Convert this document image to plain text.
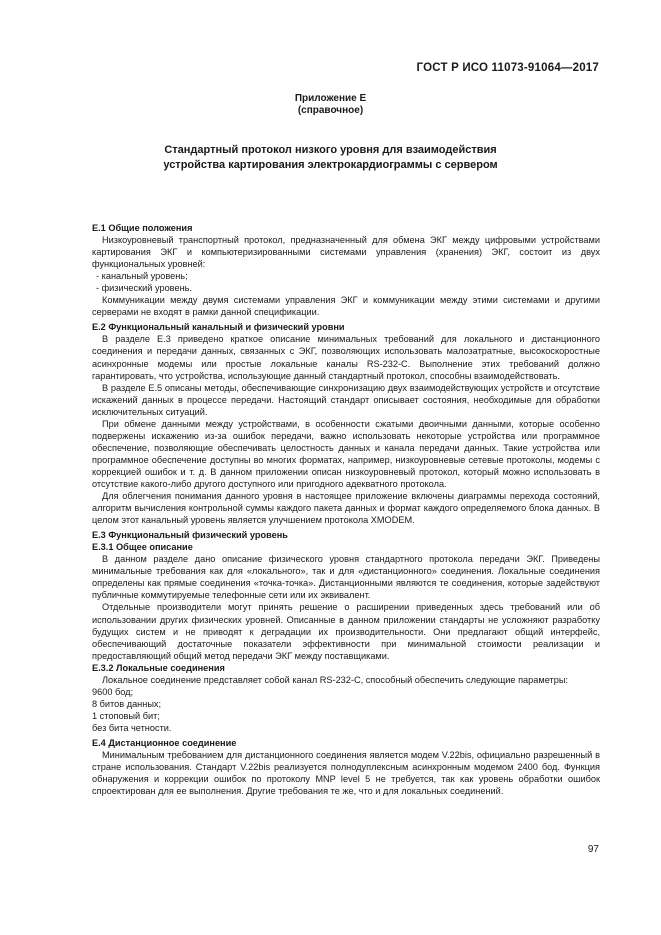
ГОСТ Р ИСО 11073-91064—2017
Приложение Е
(справочное)
Стандартный протокол низкого уровня для взаимодействия
устройства картирования электрокардиограммы с сервером
Е.1 Общие положения

Низкоуровневый транспортный протокол, предназначенный для обмена ЭКГ между цифровыми устройствами картирования ЭКГ и компьютеризированными системами управления (хранения) ЭКГ, состоит из двух функциональных уровней:

- канальный уровень;
- физический уровень.

Коммуникации между двумя системами управления ЭКГ и коммуникации между этими системами и другими серверами не входят в рамки данной спецификации.

Е.2 Функциональный канальный и физический уровни

В разделе Е.3 приведено краткое описание минимальных требований для локального и дистанционного соединения и передачи данных, связанных с ЭКГ, позволяющих использовать малозатратные, высокоскоростные асинхронные модемы или простые локальные каналы RS-232-C. Выполнение этих требований должно гарантировать, что устройства, использующие данный стандартный протокол, способны взаимодействовать.

В разделе Е.5 описаны методы, обеспечивающие синхронизацию двух взаимодействующих устройств и отсутствие искажений данных в процессе передачи. Настоящий стандарт описывает состояния, необходимые для обработки исключительных ситуаций.

При обмене данными между устройствами, в особенности сжатыми двоичными данными, которые особенно подвержены искажению из-за ошибок передачи, важно использовать некоторые устройства или программное обеспечение, позволяющие обеспечивать целостность данных и канала передачи данных. Такие устройства или программное обеспечение доступны во многих форматах, например, низкоуровневые сетевые протоколы, модемы с коррекцией ошибок и т. д. В данном приложении описан низкоуровневый протокол, который можно использовать в отсутствие какого-либо другого доступного или пригодного адекватного протокола.

Для облегчения понимания данного уровня в настоящее приложение включены диаграммы перехода состояний, алгоритм вычисления контрольной суммы каждого пакета данных и формат каждого определяемого блока данных. В целом этот канальный уровень является улучшением протокола XMODEM.

Е.3 Функциональный физический уровень
Е.3.1 Общее описание

В данном разделе дано описание физического уровня стандартного протокола передачи ЭКГ. Приведены минимальные требования как для «локального», так и для «дистанционного» соединения. Локальные соединения определены как прямые соединения «точка-точка». Дистанционными являются те соединения, которые задействуют публичные коммутируемые телефонные сети или их эквивалент.

Отдельные производители могут принять решение о расширении приведенных здесь требований или об использовании других физических уровней. Описанные в данном приложении стандарты не усложняют разработку будущих систем и не приводят к деградации их производительности. Они предлагают общий интерфейс, обеспечивающий достаточные показатели эффективности при минимальной стоимости реализации и предоставляющий общий метод передачи ЭКГ между поставщиками.

Е.3.2 Локальные соединения

Локальное соединение представляет собой канал RS-232-C, способный обеспечить следующие параметры:

9600 бод;
8 битов данных;
1 стоповый бит;
без бита четности.
Е.4 Дистанционное соединение

Минимальным требованием для дистанционного соединения является модем V.22bis, официально разрешенный в стране использования. Стандарт V.22bis реализуется полнодуплексным асинхронным модемом 2400 бод. Функция обнаружения и коррекции ошибок по протоколу MNP level 5 не требуется, так как уровень обработки ошибок спроектирован для ее выполнения. Другие требования те же, что и для локальных соединений.

97
